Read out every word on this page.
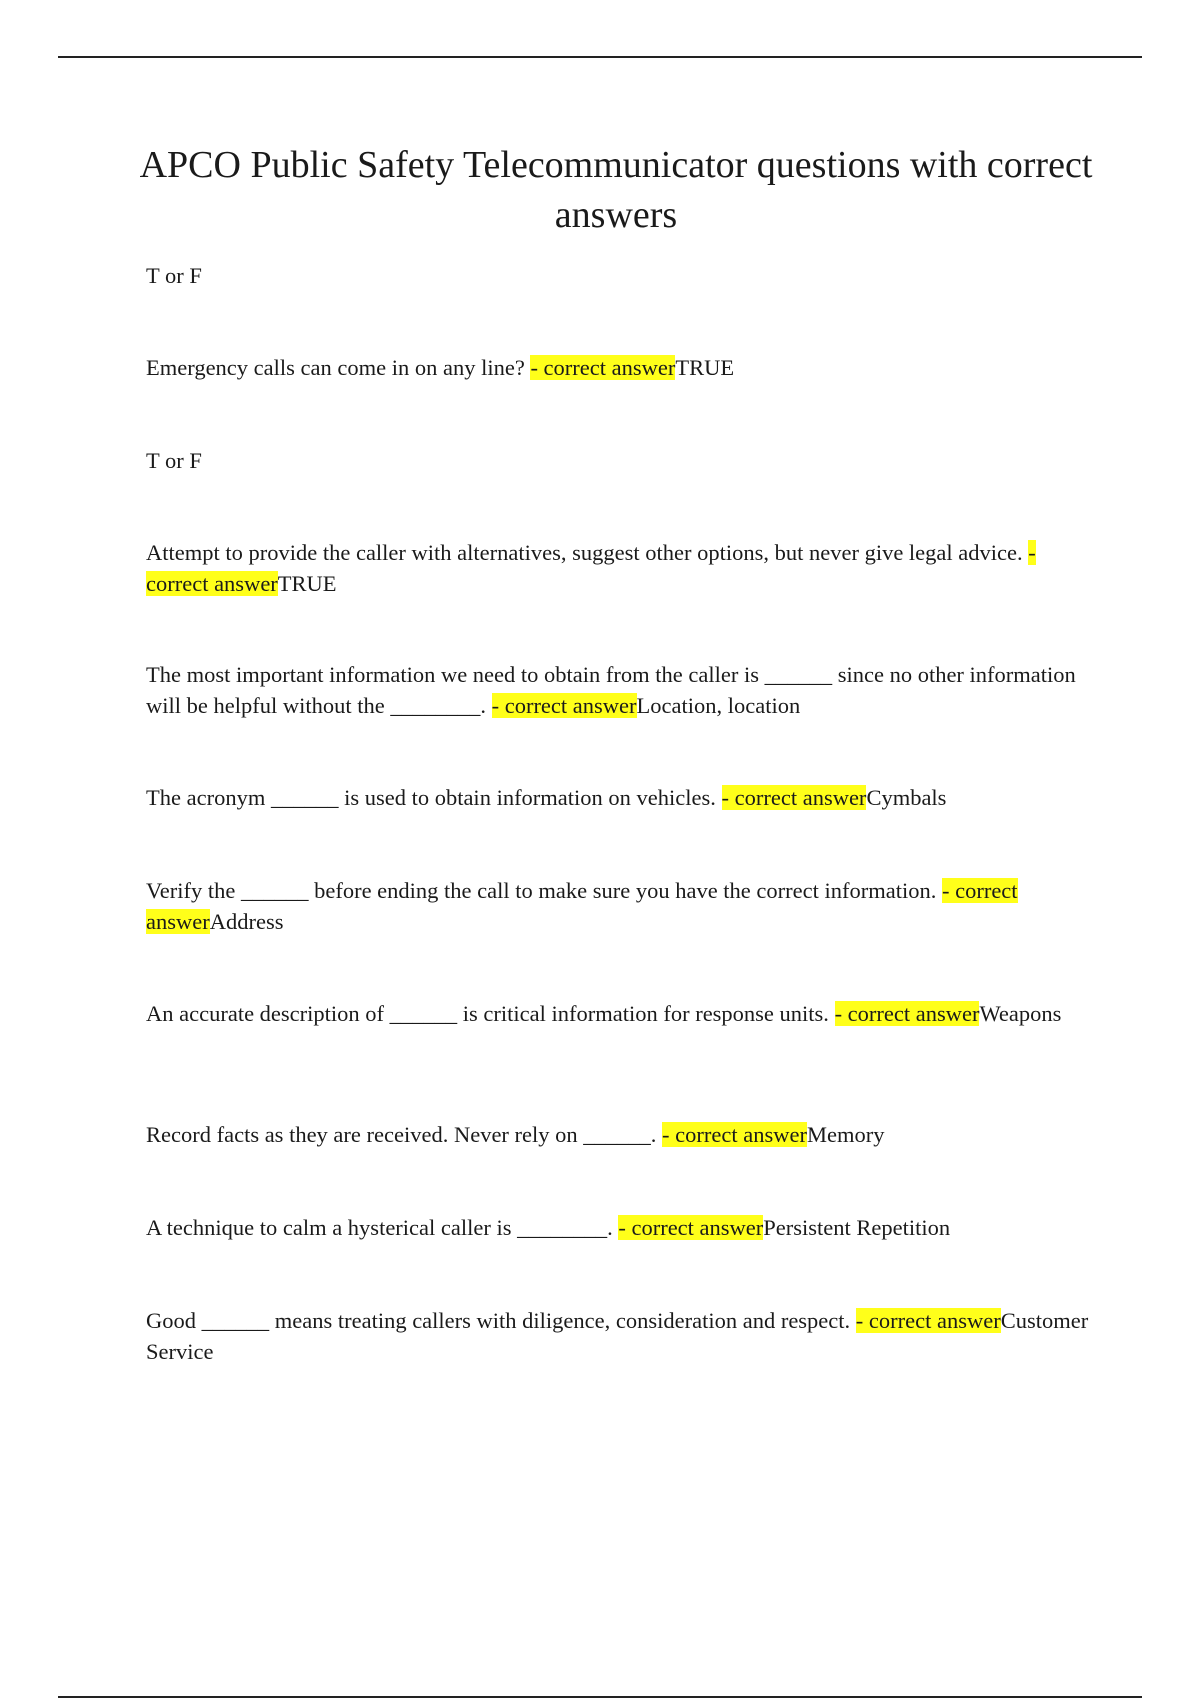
APCO Public Safety Telecommunicator questions with correct answers

T or F

Emergency calls can come in on any line? - correct answerTRUE

T or F

Attempt to provide the caller with alternatives, suggest other options, but never give legal advice. - correct answerTRUE

The most important information we need to obtain from the caller is ______ since no other information will be helpful without the ________. - correct answerLocation, location

The acronym ______ is used to obtain information on vehicles. - correct answerCymbals

Verify the ______ before ending the call to make sure you have the correct information. - correct answerAddress

An accurate description of ______ is critical information for response units. - correct answerWeapons

Record facts as they are received. Never rely on ______. - correct answerMemory

A technique to calm a hysterical caller is ________. - correct answerPersistent Repetition

Good ______ means treating callers with diligence, consideration and respect. - correct answerCustomer Service
